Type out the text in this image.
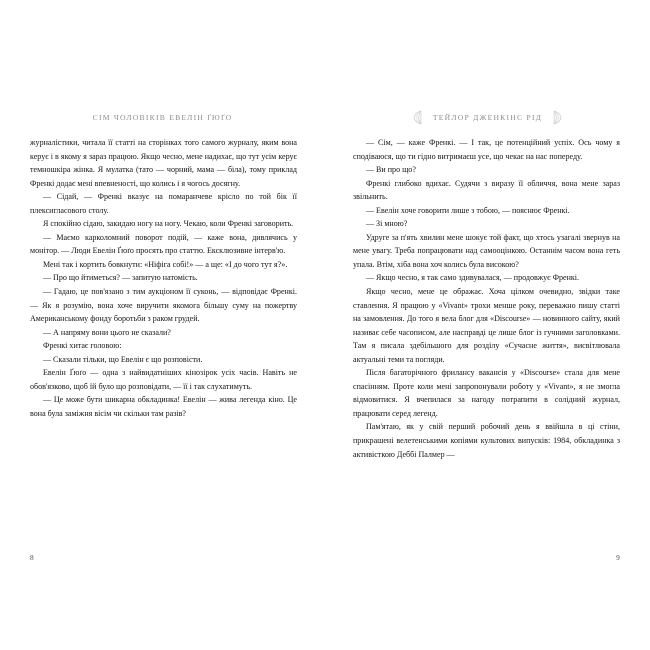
СІМ ЧОЛОВІКІВ ЕВЕЛІН ҐЮҐО

журналістики, читала її статті на сторінках того самого журналу, яким вона керує і в якому я зараз працюю. Якщо чесно, мене надихає, що тут усім керує темношкіра жінка. Я мулатка (тато — чорний, мама — біла), тому приклад Френкі додає мені впевненості, що колись і я чогось досягну.

— Сідай, — Френкі вказує на помаранчеве крісло по той бік її плексигласового столу.

Я спокійно сідаю, закидаю ногу на ногу. Чекаю, коли Френкі заговорить.

— Маємо карколомний поворот подій, — каже вона, дивлячись у монітор. — Люди Евелін Ґюґо просять про статтю. Ексклюзивне інтерв'ю.

Мені так і кортить бовкнути: «Ніфіга собі!» — а ще: «І до чого тут я?».

— Про що йтиметься? — запитую натомість.

— Гадаю, це пов'язано з тим аукціоном її суконь, — відповідає Френкі. — Як я розумію, вона хоче виручити якомога більшу суму на пожертву Американському фонду боротьби з раком грудей.

— А напряму вони цього не сказали?

Френкі хитає головою:

— Сказали тільки, що Евелін є що розповісти.

Евелін Ґюґо — одна з найвидатніших кінозірок усіх часів. Навіть не обов'язково, щоб їй було що розповідати, — її і так слухатимуть.

— Це може бути шикарна обкладинка! Евелін — жива легенда кіно. Це вона була заміжня вісім чи скільки там разів?

8
ТЕЙЛОР ДЖЕНКІНС РІД

— Сім, — каже Френкі. — І так, це потенційний успіх. Ось чому я сподіваюся, що ти гідно витримаєш усе, що чекає на нас попереду.

— Ви про що?

Френкі глибоко вдихає. Судячи з виразу її обличчя, вона мене зараз звільнить.

— Евелін хоче говорити лише з тобою, — пояснює Френкі.

— Зі мною?

Удруге за п'ять хвилин мене шокує той факт, що хтось узагалі звернув на мене увагу. Треба попрацювати над самооцінкою. Останнім часом вона геть упала. Втім, хіба вона хоч колись була високою?

— Якщо чесно, я так само здивувалася, — продовжує Френкі.

Якщо чесно, мене це ображає. Хоча цілком очевидно, звідки таке ставлення. Я працюю у «Vivant» трохи менше року, переважно пишу статті на замовлення. До того я вела блог для «Discourse» — новинного сайту, який називає себе часописом, але насправді це лише блог із гучними заголовками. Там я писала здебільшого для розділу «Сучасне життя», висвітлювала актуальні теми та погляди.

Після багаторічного фрилансу вакансія у «Discourse» стала для мене спасінням. Проте коли мені запропонували роботу у «Vivant», я не змогла відмовитися. Я вчепилася за нагоду потрапити в солідний журнал, працювати серед легенд.

Пам'ятаю, як у свій перший робочий день я ввійшла в ці стіни, прикрашені велетенськими копіями культових випусків: 1984, обкладинка з активісткою Деббі Палмер —

9
